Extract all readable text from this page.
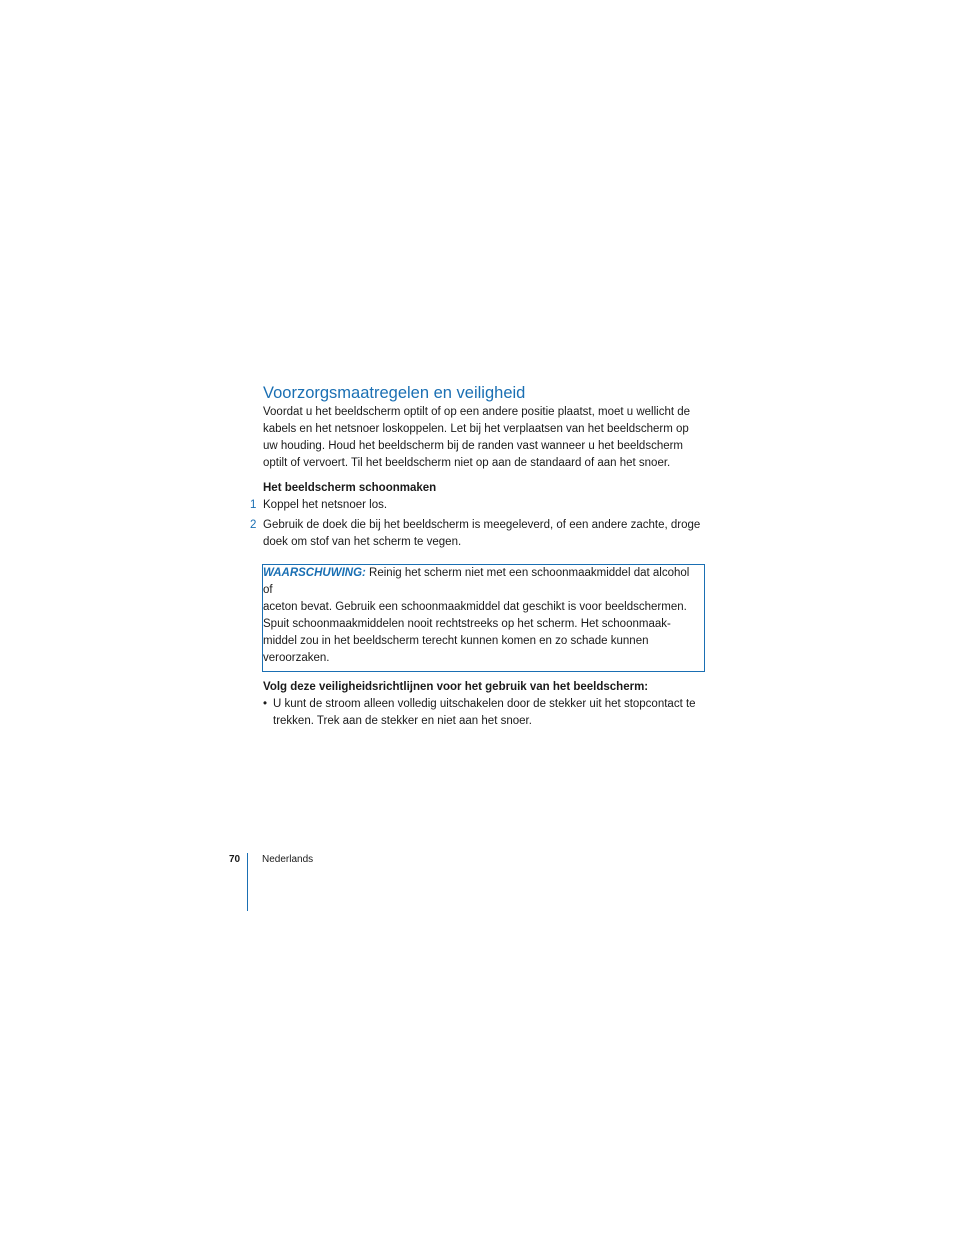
Voorzorgsmaatregelen en veiligheid

Voordat u het beeldscherm optilt of op een andere positie plaatst, moet u wellicht de
kabels en het netsnoer loskoppelen. Let bij het verplaatsen van het beeldscherm op
uw houding. Houd het beeldscherm bij de randen vast wanneer u het beeldscherm
optilt of vervoert. Til het beeldscherm niet op aan de standaard of aan het snoer.

Het beeldscherm schoonmaken

1 Koppel het netsnoer los.
2 Gebruik de doek die bij het beeldscherm is meegeleverd, of een andere zachte, droge
doek om stof van het scherm te vegen.
WAARSCHUWING: Reinig het scherm niet met een schoonmaakmiddel dat alcohol of
aceton bevat. Gebruik een schoonmaakmiddel dat geschikt is voor beeldschermen.
Spuit schoonmaakmiddelen nooit rechtstreeks op het scherm. Het schoonmaak-
middel zou in het beeldscherm terecht kunnen komen en zo schade kunnen
veroorzaken.

Volg deze veiligheidsrichtlijnen voor het gebruik van het beeldscherm:

• U kunt de stroom alleen volledig uitschakelen door de stekker uit het stopcontact te
trekken. Trek aan de stekker en niet aan het snoer.
70 Nederlands
